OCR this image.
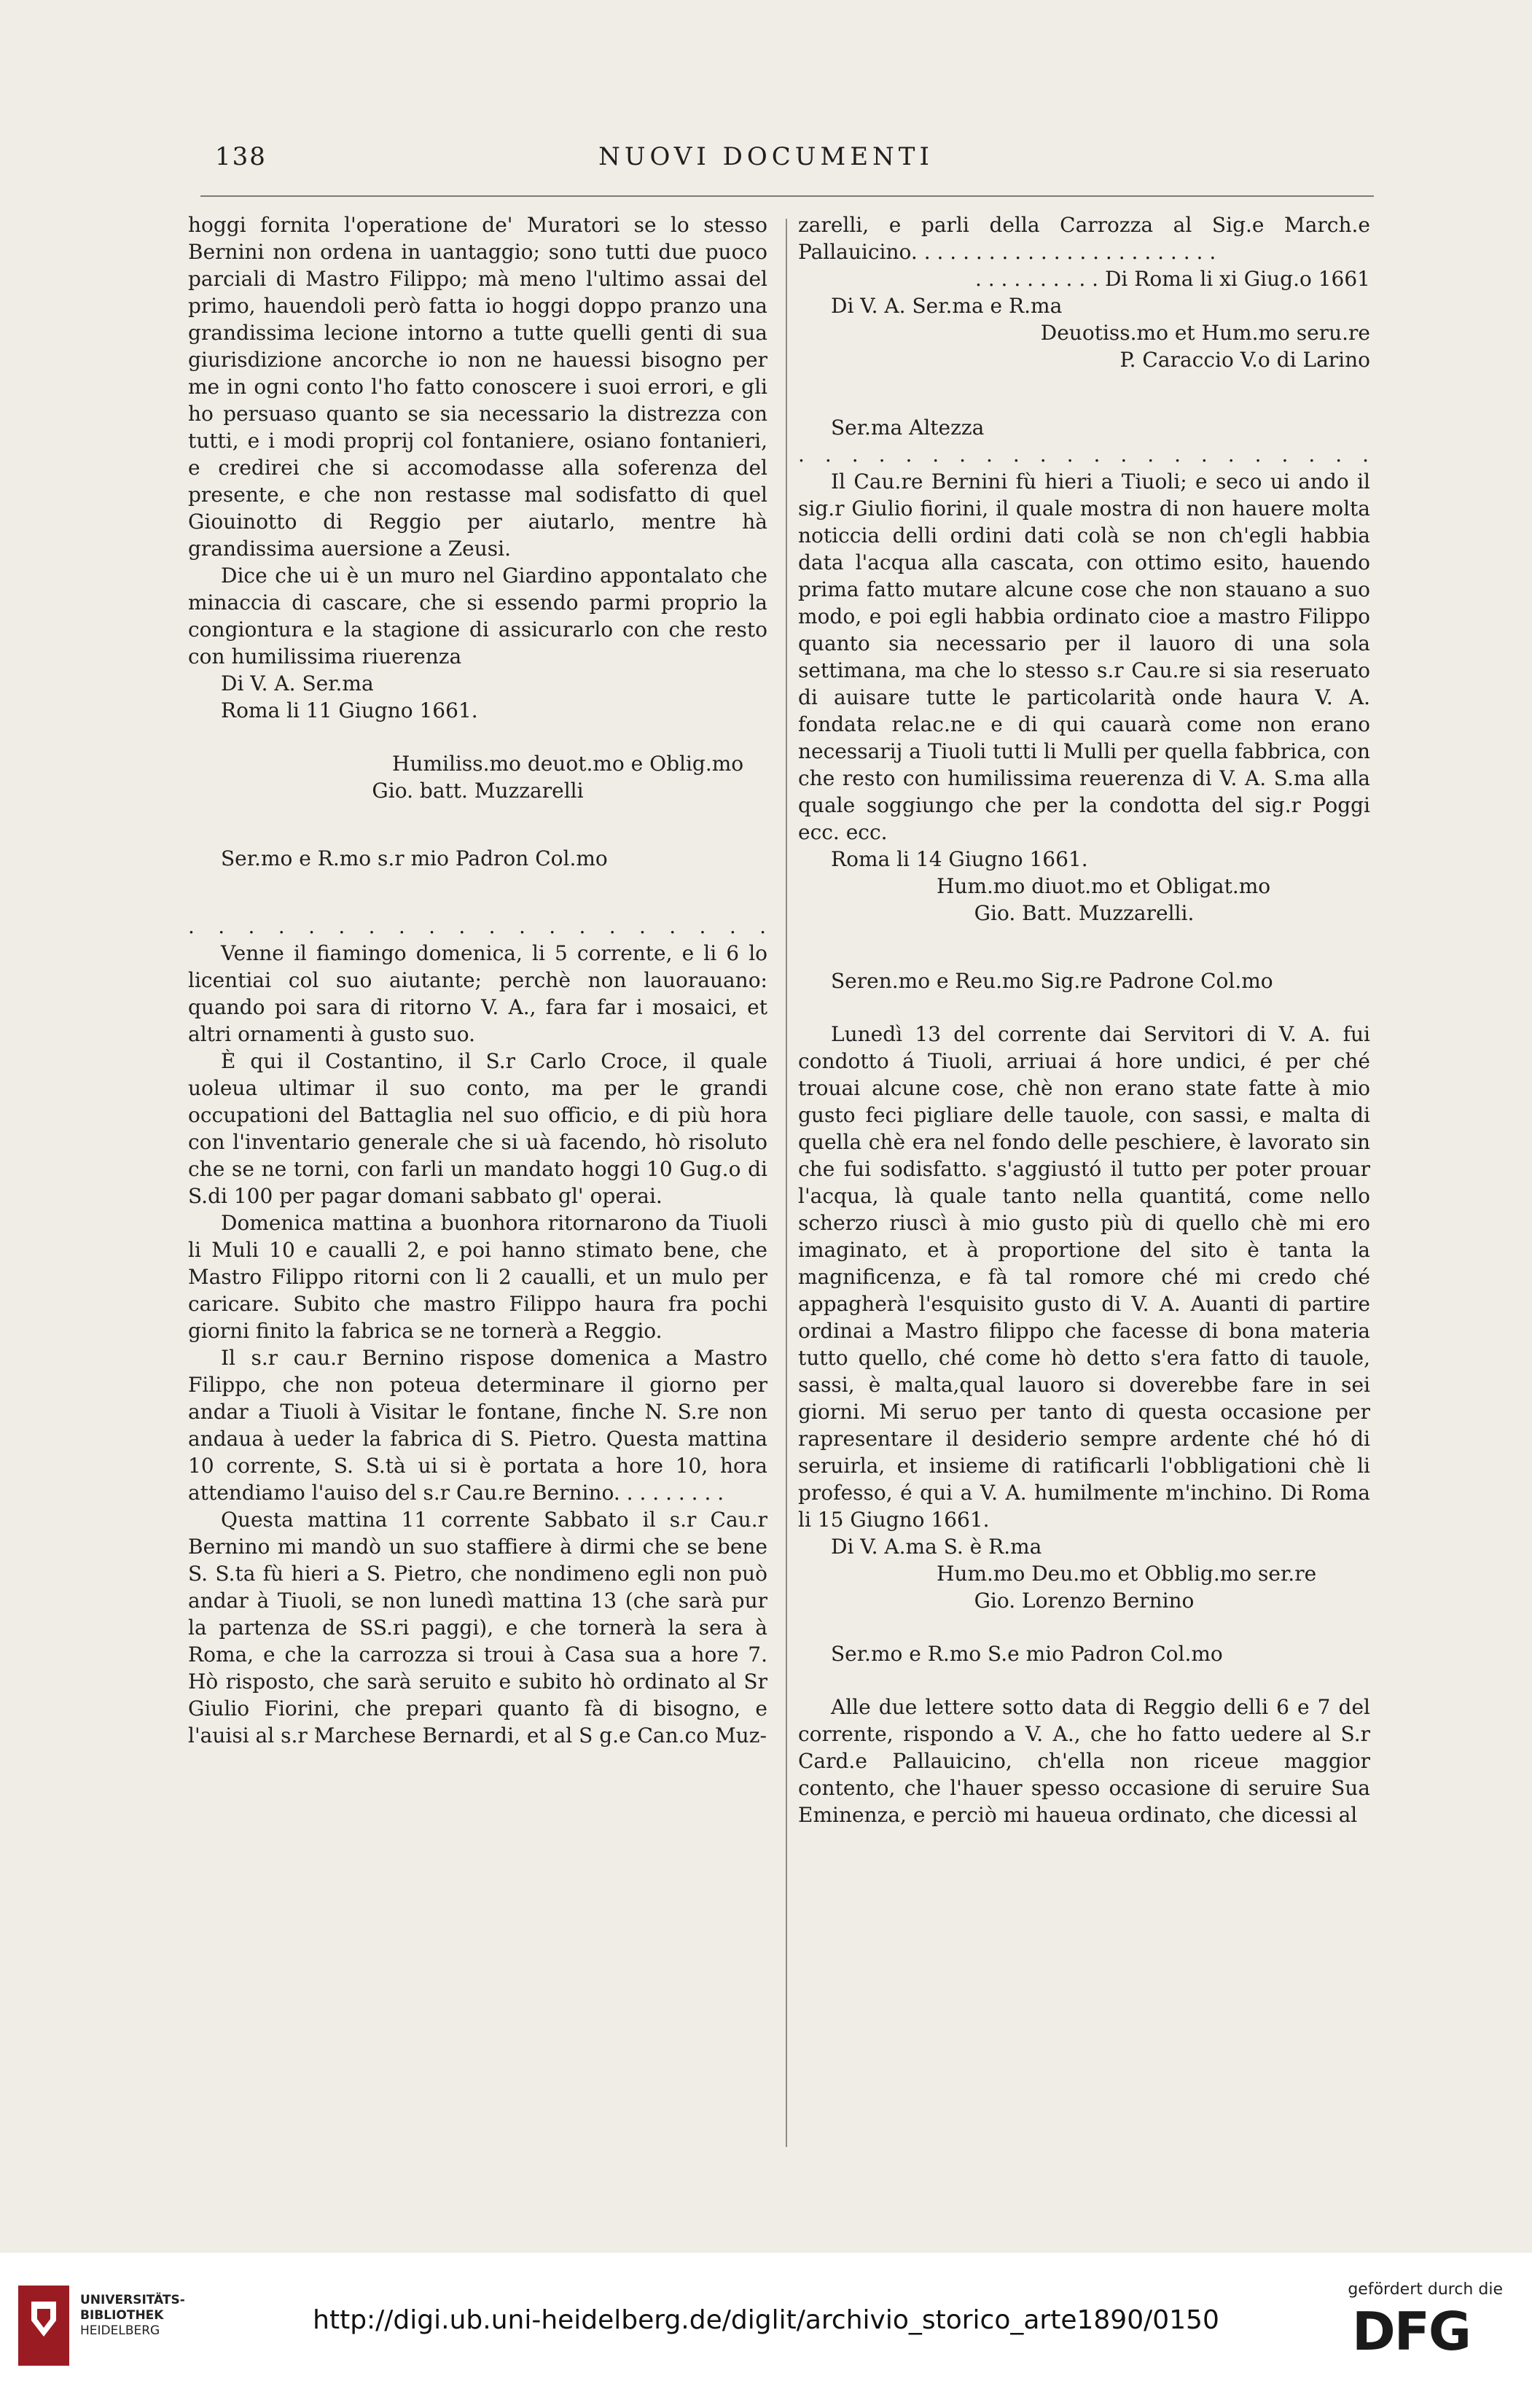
NUOVI DOCUMENTI
138
hoggi fornita l'operatione de' Muratori se lo stesso Bernini non ordena in uantaggio; sono tutti due puoco parciali di Mastro Filippo; mà meno l'ultimo assai del primo, hauendoli però fatta io hoggi doppo pranzo una grandissima lecione intorno a tutte quelli genti di sua giurisdizione ancorche io non ne hauessi bisogno per me in ogni conto l'ho fatto conoscere i suoi errori, e gli ho persuaso quanto se sia necessario la distrezza con tutti, e i modi proprij col fontaniere, osiano fontanieri, e credirei che si accomodasse alla soferenza del presente, e che non restasse mal sodisfatto di quel Giouinotto di Reggio per aiutarlo, mentre hà grandissima auersione a Zeusi.
Dice che ui è un muro nel Giardino appontalato che minaccia di cascare, che si essendo parmi proprio la congiontura e la stagione di assicurarlo con che resto con humilissima riuerenza
Di V. A. Ser.ma
Roma li 11 Giugno 1661.
Humiliss.mo deuot.mo e Oblig.mo
Gio. batt. Muzzarelli
Ser.mo e R.mo s.r mio Padron Col.mo
. . . . . . . . . . . . . . . . . . . .
Venne il fiamingo domenica, li 5 corrente, e li 6 lo licentiai col suo aiutante; perchè non lauorauano: quando poi sara di ritorno V. A., fara far i mosaici, et altri ornamenti à gusto suo.
È qui il Costantino, il S.r Carlo Croce, il quale uoleua ultimar il suo conto, ma per le grandi occupationi del Battaglia nel suo officio, e di più hora con l'inventario generale che si uà facendo, hò risoluto che se ne torni, con farli un mandato hoggi 10 Gug.o di S.di 100 per pagar domani sabbato gl' operai.
Domenica mattina a buonhora ritornarono da Tiuoli li Muli 10 e caualli 2, e poi hanno stimato bene, che Mastro Filippo ritorni con li 2 caualli, et un mulo per caricare. Subito che mastro Filippo haura fra pochi giorni finito la fabrica se ne tornerà a Reggio.
Il s.r cau.r Bernino rispose domenica a Mastro Filippo, che non poteua determinare il giorno per andar a Tiuoli à Visitar le fontane, finche N. S.re non andaua à ueder la fabrica di S. Pietro. Questa mattina 10 corrente, S. S.tà ui si è portata a hore 10, hora attendiamo l'auiso del s.r Cau.re Bernino. . . . . . . . .
Questa mattina 11 corrente Sabbato il s.r Cau.r Bernino mi mandò un suo staffiere à dirmi che se bene S. S.ta fù hieri a S. Pietro, che nondimeno egli non può andar à Tiuoli, se non lunedì mattina 13 (che sarà pur la partenza de SS.ri paggi), e che tornerà la sera à Roma, e che la carrozza si troui à Casa sua a hore 7. Hò risposto, che sarà seruito e subito hò ordinato al Sr Giulio Fiorini, che prepari quanto fà di bisogno, e l'auisi al s.r Marchese Bernardi, et al S g.e Can.co Muz-
zarelli, e parli della Carrozza al Sig.e March.e Pallauicino. . . . . . . . . . . . . . . . . . . . . . . .
. . . . . . . . . . Di Roma li xi Giug.o 1661
Di V. A. Ser.ma e R.ma
Deuotiss.mo et Hum.mo seru.re
P. Caraccio V.o di Larino
Ser.ma Altezza
. . . . . . . . . . . . . . . . . . . . . .
Il Cau.re Bernini fù hieri a Tiuoli; e seco ui ando il sig.r Giulio fiorini, il quale mostra di non hauere molta noticcia delli ordini dati colà se non ch'egli habbia data l'acqua alla cascata, con ottimo esito, hauendo prima fatto mutare alcune cose che non stauano a suo modo, e poi egli habbia ordinato cioe a mastro Filippo quanto sia necessario per il lauoro di una sola settimana, ma che lo stesso s.r Cau.re si sia reseruato di auisare tutte le particolarità onde haura V. A. fondata relac.ne e di qui cauarà come non erano necessarij a Tiuoli tutti li Mulli per quella fabbrica, con che resto con humilissima reuerenza di V. A. S.ma alla quale soggiungo che per la condotta del sig.r Poggi ecc. ecc.
Roma li 14 Giugno 1661.
Hum.mo diuot.mo et Obligat.mo
Gio. Batt. Muzzarelli.
Seren.mo e Reu.mo Sig.re Padrone Col.mo
Lunedì 13 del corrente dai Servitori di V. A. fui condotto á Tiuoli, arriuai á hore undici, é per ché trouai alcune cose, chè non erano state fatte à mio gusto feci pigliare delle tauole, con sassi, e malta di quella chè era nel fondo delle peschiere, è lavorato sin che fui sodisfatto. s'aggiustó il tutto per poter prouar l'acqua, là quale tanto nella quantitá, come nello scherzo riuscì à mio gusto più di quello chè mi ero imaginato, et à proportione del sito è tanta la magnificenza, e fà tal romore ché mi credo ché appagherà l'esquisito gusto di V. A. Auanti di partire ordinai a Mastro filippo che facesse di bona materia tutto quello, ché come hò detto s'era fatto di tauole, sassi, è malta,qual lauoro si doverebbe fare in sei giorni. Mi seruo per tanto di questa occasione per rapresentare il desiderio sempre ardente ché hó di seruirla, et insieme di ratificarli l'obbligationi chè li professo, é qui a V. A. humilmente m'inchino. Di Roma li 15 Giugno 1661.
Di V. A.ma S. è R.ma
Hum.mo Deu.mo et Obblig.mo ser.re
Gio. Lorenzo Bernino
Ser.mo e R.mo S.e mio Padron Col.mo
Alle due lettere sotto data di Reggio delli 6 e 7 del corrente, rispondo a V. A., che ho fatto uedere al S.r Card.e Pallauicino, ch'ella non riceue maggior contento, che l'hauer spesso occasione di seruire Sua Eminenza, e perciò mi haueua ordinato, che dicessi al
UNIVERSITÄTS-
BIBLIOTHEK
HEIDELBERG	http://digi.ub.uni-heidelberg.de/diglit/archivio_storico_arte1890/0150
gefördert durch die
DFG
